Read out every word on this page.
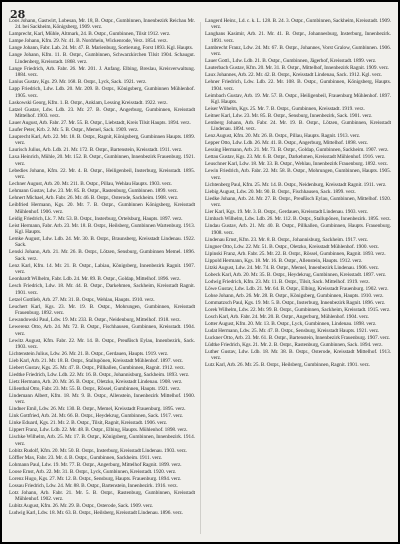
28

Loos Johann, Gastwirt, Lobesan, Mr. 18, B. Ostpr., Gumbinnen, Innenbezirk Reichau Mr. 24. bei Sackheim, Königsberg, 1909. verz.

Lamprecht, Karl, Mühle, Altmark, 24. B. Ostpr., Gumbinnen, Tilsit 1912. verz.

Lampe Johann, Kfm. 29. Nr. 41. B. Nordrhein, Wickenrode, Verz. 1854. verz.

Lange Johann, Fabr. Lab. 24. Mr. 47. B. Marienburg, Sortierung, Forst 1893. Kgl. Haupts.

Lange Johann, Kfm. 11. B. Ostpr., Gumbinnen, Schwarzkirchen Tilsit 1904. Schaugut. Lindenberg, Kreisstadt. 1868. verz.

Lange Friedrich, Arb. Fabr. 26. Mr. 201. J. Anfang. Elbing, Breslau, Kreisverwaltung. 1884. verz.

Lanius Gustav, Kgs. 29. Mr. 168. B. Ostpr., Lyck, Sack. 1921. verz.

Lapp Friedrich, Ldw. Ldb. 20. Mr. 209. B. Ostpr., Königsberg, Gumbinnen Mühlenhof. 1905. verz.

Laskowski Georg, Kfm. 1. B. Ostpr., Anklam, Lessing Kreisstadt. 1922. verz.

Latzel Gustav, Ldw. Ldb. 23. Mr. 27. B. Ostpr., Angerburg, Gumbinnen, Kreisstadt Mittelhof. 1903. verz.

Lauer August, Arb. Fabr. 27. Mr. 55. B. Ostpr., Liebstadt, Kreis Tilsit Haupts. 1894. verz.

Laufer Peter, Krb. 2. Mr. 5. B. Ostpr., Memel, Sack. 1909. verz.

Lauprecht Karl, Arb. 22. Mr. 18. B. Ostpr., Ragnit, Königsberg, Gumbinnen Haupts. 1899. verz.

Laurisch Julius, Arb. Ldb. 21. Mr. 172. B. Ostpr., Bartenstein, Kreisstadt. 1911. verz.

Laxa Heinrich, Mühle, 20. Mr. 152. B. Ostpr., Gumbinnen, Innenbezirk Frauenburg. 1921. verz.

Lebedies Johann, Kfm. 22. Mr. 4. B. Ostpr., Heiligenbeil, Insterburg, Kreisstadt. 1895. verz.

Lechner August, Arb. 20. Mr. 211. B. Ostpr., Pillau, Wehlau Haupts. 1903. verz.

Lehmann Gustav, Ldw. 23. Mr. 85. B. Ostpr., Rastenburg, Gumbinnen. 1899. verz.

Lehnert Michael, Arb. Fabr. 26. Mr. 46. B. Ostpr., Osterode, Sackheim. 1908. verz.

Leibfried Hermann, Kgs. 20. Mr. 7. B. Ostpr., Gumbinnen Königsberg, Kreisstadt Mühlenhof. 1906. verz.

Leidig Friedrich, Lk. 7. Mr. 53. B. Ostpr., Insterburg, Ortelsburg, Haupts. 1897. verz.

Leist Hermann, Fabr. Arb. 23. Mr. 18. B. Ostpr., Heilsberg, Gumbinnen Wartenburg. 1913. Kgl. Haupts.

Lemke August, Ldw. Ldb. 24. Mr. 30. B. Ostpr., Braunsberg, Kreisstadt Lindenau. 1922. Sack.

Lenski Johann, Arb. 21. Mr. 26. B. Ostpr., Lötzen, Sensburg, Gumbinnen Memel. 1896. Sack. verz.

Lenz Karl, Kfm. 14. Mr. 21. B. Ostpr., Labiau, Königsberg, Innenbezirk Ragnit. 1907. verz.

Leonhardt Wilhelm, Fabr. Ldb. 24. Mr. 89. B. Ostpr., Goldap, Mittelhof. 1896. verz.

Lesch Friedrich, Ldw. 18. Mr. 44. B. Ostpr., Darkehmen, Sackheim, Kreisstadt Ragnit. 1901. verz.

Letzel Gottlieb, Arb. 27. Mr. 31. B. Ostpr., Wehlau, Haupts. 1910. verz.

Leuchert Karl, Kgs. 23. Mr. 19. B. Ostpr., Mohrungen, Gumbinnen, Kreisstadt Frauenburg. 1892. verz.

Lewandowski Paul, Ldw. 19. Mr. 233. B. Ostpr., Neidenburg, Mittelhof. 1918. verz.

Lewerenz Otto, Arb. 24. Mr. 72. B. Ostpr., Fischhausen, Gumbinnen, Kreisstadt. 1904. verz.

Lewitz August, Kfm. Fabr. 22. Mr. 14. B. Ostpr., Preußisch Eylau, Innenbezirk, Sack. 1903. verz.

Lichtenstein Julius, Ldw. 26. Mr. 21. B. Ostpr., Gerdauen, Haupts. 1919. verz.

Lieb Karl, Arb. 21. Mr. 18. B. Ostpr., Stallupönen, Kreisstadt Mühlenhof. 1897. verz.

Liebert Gustav, Kgs. 25. Mr. 47. B. Ostpr., Pillkallen, Gumbinnen, Ragnit. 1912. verz.

Liedtke Friedrich, Ldw. Ldb. 22. Mr. 16. B. Ostpr., Johannisburg, Sackheim. 1893. verz.

Lietz Hermann, Arb. 20. Mr. 36. B. Ostpr., Oletzko, Kreisstadt Lindenau. 1908. verz.

Lilienthal Otto, Fabr. 23. Mr. 55. B. Ostpr., Rössel, Gumbinnen, Haupts. 1921. verz.

Lindemann Albert, Kfm. 18. Mr. 9. B. Ostpr., Allenstein, Innenbezirk Mittelhof. 1900. verz.

Lindner Emil, Ldw. 26. Mr. 130. B. Ostpr., Memel, Kreisstadt Frauenburg. 1895. verz.

Link Gottfried, Arb. 24. Mr. 66. B. Ostpr., Heydekrug, Gumbinnen, Sack. 1917. verz.

Linke Eduard, Kgs. 21. Mr. 2. B. Ostpr., Tilsit, Ragnit, Kreisstadt. 1906. verz.

Lippert Franz, Ldw. Ldb. 22. Mr. 48. B. Ostpr., Elbing, Haupts. Mühlenhof. 1898. verz.

Lischke Wilhelm, Arb. 25. Mr. 17. B. Ostpr., Königsberg, Gumbinnen, Innenbezirk. 1914. verz.

Lobitz Rudolf, Kfm. 20. Mr. 50. B. Ostpr., Insterburg, Kreisstadt Lindenau. 1903. verz.

Löffler Max, Fabr. 23. Mr. 4. B. Ostpr., Gumbinnen, Sackheim. 1911. verz.

Lohmann Paul, Ldw. 19. Mr. 77. B. Ostpr., Angerburg, Mittelhof Ragnit. 1899. verz.

Loose Ernst, Arb. 22. Mr. 31. B. Ostpr., Lyck, Gumbinnen, Kreisstadt. 1920. verz.

Lorenz Hugo, Kgs. 27. Mr. 12. B. Ostpr., Sensburg, Haupts. Frauenburg. 1894. verz.

Lossau Friedrich, Ldw. 24. Mr. 88. B. Ostpr., Bartenstein, Innenbezirk. 1916. verz.

Lotz Johann, Arb. Fabr. 21. Mr. 5. B. Ostpr., Rastenburg, Gumbinnen, Kreisstadt Mühlenhof. 1902. verz.

Lubitz August, Kfm. 26. Mr. 29. B. Ostpr., Osterode, Sack. 1909. verz.

Ludwig Karl, Ldw. 18. Mr. 63. B. Ostpr., Heilsberg, Kreisstadt Lindenau. 1896. verz.

Langerd Heinr., Ld. c. k. L. 128. B. 24. 3. Ostpr., Gumbinnen, Sackheim, Kreisstadt. 1909. verz.

Langhans Kasimir, Arb. 21. Mr. 41. B. Ostpr., Johannesburg, Insterburg, Innenbezirk. 1891. verz.

Lambrecht Franz, Ldw. 24. Mr. 67. B. Ostpr., Johannes, Vorst Gralow, Gumbinnen. 1906. verz.

Lauer Gottl., Ldw. Ldb. 21. B. Ostpr., Gumbinnen, Jägerhof, Kreisstadt. 1899. verz.

Lauterbach Gustav, Kfm. 20. Mr. 31. B. Ostpr., Mittelhof, Innenbezirk Ragnit. 1909. verz.

Laux Johannes, Arb. 22. Mr. 42. B. Ostpr., Kreisstadt Lindenau, Sack. 1912. Kgl. verz.

Lehner Friedrich, Ldw. Ldb. 22. Mr. 108. B. Ostpr., Gumbinnen, Königsberg, Haupts. 1904. verz.

Leimbach Gustav, Arb. 19. Mr. 57. B. Ostpr., Heiligenbeil, Frauenburg Mühlenhof. 1897. Kgl. Haupts.

Leiser Wilhelm, Kgs. 25. Mr. 7. B. Ostpr., Gumbinnen, Kreisstadt. 1919. verz.

Leitner Karl, Ldw. 23. Mr. 85. B. Ostpr., Sensburg, Innenbezirk, Sack. 1901. verz.

Lemberg Johann, Arb. Fabr. 24. Mr. 19. B. Ostpr., Lötzen, Gumbinnen, Kreisstadt Lindenau. 1894. verz.

Lenz August, Kfm. 20. Mr. 26. B. Ostpr., Pillau, Haupts. Ragnit. 1913. verz.

Lepper Otto, Ldw. Ldb. 26. Mr. 41. B. Ostpr., Angerburg, Mittelhof. 1898. verz.

Lessing Hermann, Arb. 21. Mr. 73. B. Ostpr., Goldap, Gumbinnen, Sackheim. 1907. verz.

Lettau Gustav, Kgs. 23. Mr. 6. B. Ostpr., Darkehmen, Kreisstadt Mühlenhof. 1916. verz.

Leuschner Karl, Ldw. 18. Mr. 33. B. Ostpr., Wehlau, Innenbezirk Frauenburg. 1892. verz.

Lewin Friedrich, Arb. Fabr. 22. Mr. 58. B. Ostpr., Mohrungen, Gumbinnen, Haupts. 1905. verz.

Lichtenberg Paul, Kfm. 25. Mr. 14. B. Ostpr., Neidenburg, Kreisstadt Ragnit. 1911. verz.

Liebig August, Ldw. 20. Mr. 90. B. Ostpr., Fischhausen, Sack. 1899. verz.

Liedke Johann, Arb. 24. Mr. 27. B. Ostpr., Preußisch Eylau, Gumbinnen, Mittelhof. 1920. verz.

Lier Karl, Kgs. 19. Mr. 3. B. Ostpr., Gerdauen, Kreisstadt Lindenau. 1903. verz.

Limbach Wilhelm, Ldw. Ldb. 26. Mr. 112. B. Ostpr., Stallupönen, Innenbezirk. 1895. verz.

Lindau Gustav, Arb. 21. Mr. 40. B. Ostpr., Pillkallen, Gumbinnen, Haupts. Frauenburg. 1908. verz.

Lindenau Ernst, Kfm. 23. Mr. 8. B. Ostpr., Johannisburg, Sackheim. 1917. verz.

Lingner Otto, Ldw. 22. Mr. 51. B. Ostpr., Oletzko, Kreisstadt Mühlenhof. 1900. verz.

Lipinski Franz, Arb. Fabr. 25. Mr. 22. B. Ostpr., Rössel, Gumbinnen, Ragnit. 1893. verz.

Lippold Hermann, Kgs. 18. Mr. 16. B. Ostpr., Allenstein, Haupts. 1912. verz.

Litzki August, Ldw. 24. Mr. 74. B. Ostpr., Memel, Innenbezirk Lindenau. 1906. verz.

Lobeck Karl, Arb. 20. Mr. 35. B. Ostpr., Heydekrug, Gumbinnen, Kreisstadt. 1897. verz.

Lodwig Friedrich, Kfm. 23. Mr. 11. B. Ostpr., Tilsit, Sack. Mittelhof. 1919. verz.

Löwe Gustav, Ldw. Ldb. 21. Mr. 64. B. Ostpr., Elbing, Kreisstadt Frauenburg. 1902. verz.

Lohse Johann, Arb. 26. Mr. 28. B. Ostpr., Königsberg, Gumbinnen, Haupts. 1910. verz.

Lommatzsch Paul, Kgs. 19. Mr. 5. B. Ostpr., Insterburg, Innenbezirk Ragnit. 1896. verz.

Lorek Wilhelm, Ldw. 22. Mr. 99. B. Ostpr., Gumbinnen, Sackheim, Kreisstadt. 1915. verz.

Losch Karl, Arb. Fabr. 24. Mr. 20. B. Ostpr., Angerburg, Mühlenhof. 1904. verz.

Lotter August, Kfm. 20. Mr. 13. B. Ostpr., Lyck, Gumbinnen, Lindenau. 1898. verz.

Ludat Hermann, Ldw. 25. Mr. 47. B. Ostpr., Sensburg, Kreisstadt Haupts. 1921. verz.

Luckner Otto, Arb. 23. Mr. 61. B. Ostpr., Bartenstein, Innenbezirk Frauenburg. 1907. verz.

Lüdtke Friedrich, Kgs. 21. Mr. 2. B. Ostpr., Rastenburg, Gumbinnen, Sack. 1894. verz.

Luther Gustav, Ldw. Ldb. 18. Mr. 38. B. Ostpr., Osterode, Kreisstadt Mittelhof. 1913. verz.

Lutz Karl, Arb. 26. Mr. 25. B. Ostpr., Heilsberg, Gumbinnen, Ragnit. 1901. verz.
